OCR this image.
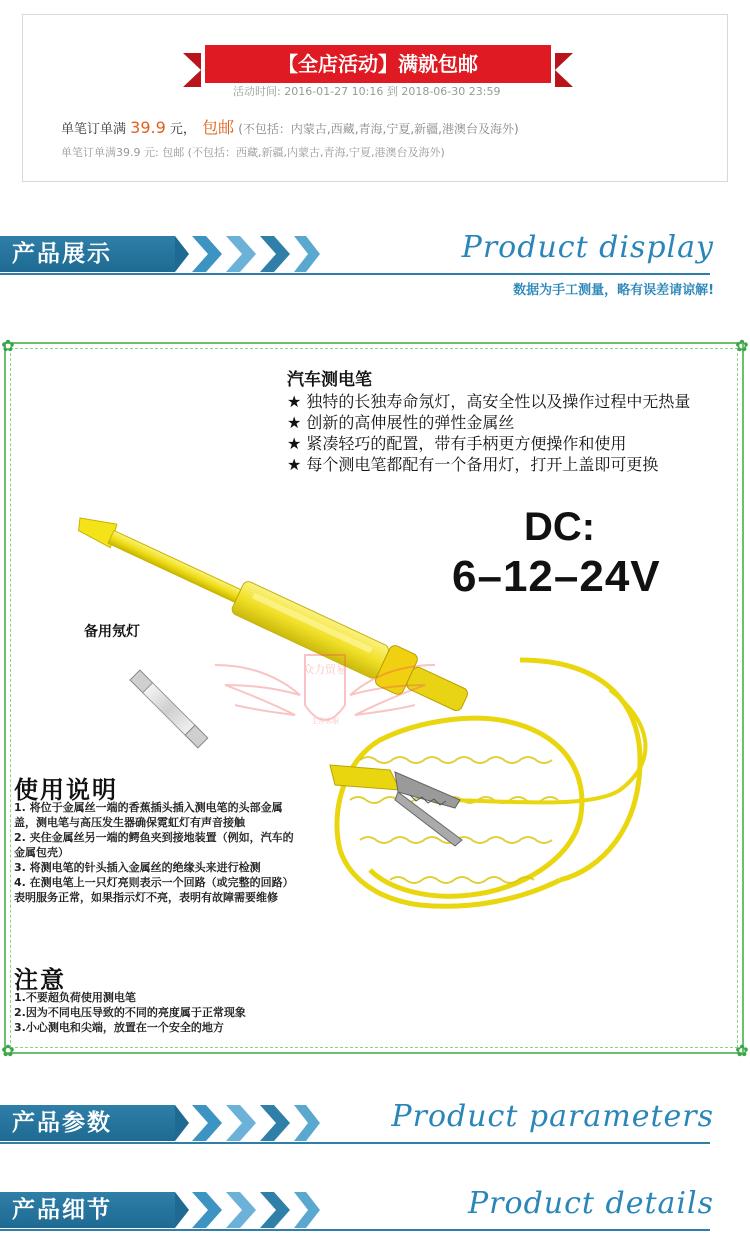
【全店活动】满就包邮
活动时间: 2016-01-27 10:16 到 2018-06-30 23:59
单笔订单满 39.9 元， 包邮 (不包括：内蒙古,西藏,青海,宁夏,新疆,港澳台及海外)
单笔订单满39.9 元: 包邮 (不包括：西藏,新疆,内蒙古,青海,宁夏,港澳台及海外)
产品展示	Product display
数据为手工测量，略有误差请谅解!
✿	✿
✿	✿
众力贸易
主营客服
汽车测电笔
★ 独特的长独寿命氖灯，高安全性以及操作过程中无热量
★ 创新的高伸展性的弹性金属丝
★ 紧凑轻巧的配置，带有手柄更方便操作和使用
★ 每个测电笔都配有一个备用灯，打开上盖即可更换
DC:
6–12–24V
备用氖灯
使用说明
1. 将位于金属丝一端的香蕉插头插入测电笔的头部金属盖，测电笔与高压发生器确保霓虹灯有声音接触
2. 夹住金属丝另一端的鳄鱼夹到接地装置（例如，汽车的金属包壳）
3. 将测电笔的针头插入金属丝的绝缘头来进行检测
4. 在测电笔上一只灯亮则表示一个回路（或完整的回路）表明服务正常，如果指示灯不亮，表明有故障需要维修
注意
1.不要超负荷使用测电笔
2.因为不同电压导致的不同的亮度属于正常现象
3.小心测电和尖端，放置在一个安全的地方
产品参数	Product parameters
产品细节	Product details
